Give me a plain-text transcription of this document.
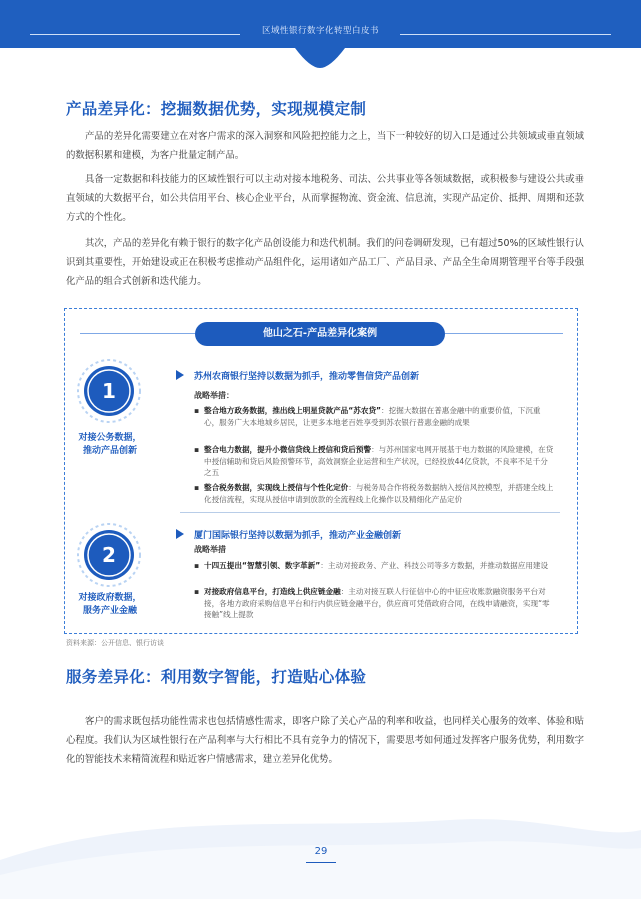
区域性银行数字化转型白皮书
产品差异化：挖掘数据优势，实现规模定制
产品的差异化需要建立在对客户需求的深入洞察和风险把控能力之上，当下一种较好的切入口是通过公共领域或垂直领域的数据积累和建模，为客户批量定制产品。
具备一定数据和科技能力的区域性银行可以主动对接本地税务、司法、公共事业等各领域数据，或积极参与建设公共或垂直领域的大数据平台，如公共信用平台、核心企业平台，从而掌握物流、资金流、信息流，实现产品定价、抵押、周期和还款方式的个性化。
其次，产品的差异化有赖于银行的数字化产品创设能力和迭代机制。我们的问卷调研发现，已有超过50%的区域性银行认识到其重要性，开始建设或正在积极考虑推动产品组件化，运用诸如产品工厂、产品目录、产品全生命周期管理平台等手段强化产品的组合式创新和迭代能力。
他山之石-产品差异化案例
1
对接公务数据，
推动产品创新
苏州农商银行坚持以数据为抓手，推动零售信贷产品创新
战略举措：
▪ 整合地方政务数据，推出线上明星贷款产品“苏农贷”：挖掘大数据在普惠金融中的重要价值，下沉重心，服务广大本地城乡居民，让更多本地老百姓享受到苏农银行普惠金融的成果
▪ 整合电力数据，提升小微信贷线上授信和贷后预警：与苏州国家电网开展基于电力数据的风险建模，在贷中授信辅助和贷后风险预警环节，高效洞察企业运营和生产状况，已经投放44亿贷款，不良率不足千分之五
▪ 整合税务数据，实现线上授信与个性化定价：与税务局合作将税务数据纳入授信风控模型，并搭建全线上化授信流程，实现从授信申请到放款的全流程线上化操作以及精细化产品定价
2
对接政府数据，
服务产业金融
厦门国际银行坚持以数据为抓手，推动产业金融创新
战略举措
▪ 十四五提出“智慧引领、数字革新”：主动对接政务、产业、科技公司等多方数据，并推动数据应用建设
▪ 对接政府信息平台，打造线上供应链金融：主动对接互联人行征信中心的中征应收账款融资服务平台对接，各地方政府采购信息平台和行内供应链金融平台，供应商可凭借政府合同，在线申请融资，实现“零接触”线上提款
资料来源：公开信息、银行访谈
服务差异化：利用数字智能，打造贴心体验
客户的需求既包括功能性需求也包括情感性需求，即客户除了关心产品的利率和收益，也同样关心服务的效率、体验和贴心程度。我们认为区域性银行在产品利率与大行相比不具有竞争力的情况下，需要思考如何通过发挥客户服务优势，利用数字化的智能技术来精简流程和贴近客户情感需求，建立差异化优势。
29
